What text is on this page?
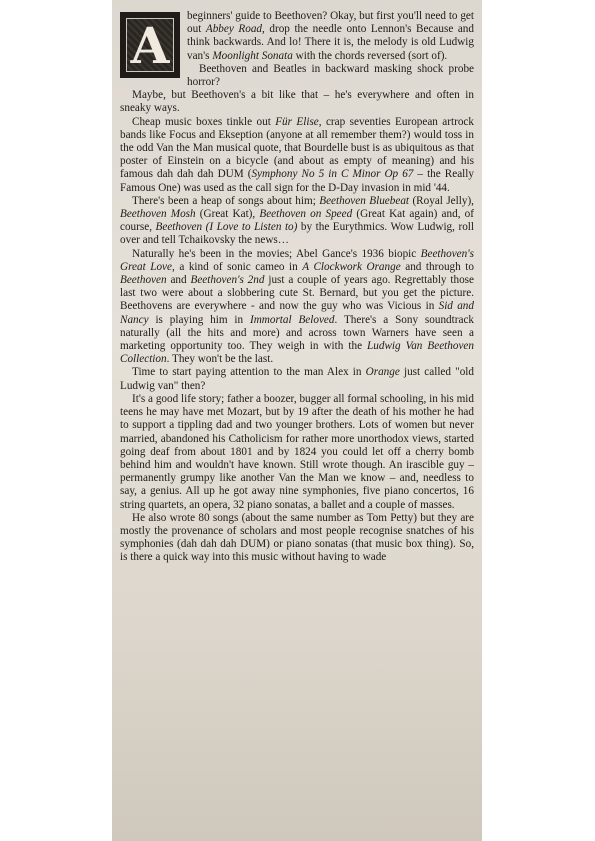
A	beginners' guide to Beethoven? Okay, but first you'll need to get out Abbey Road, drop the needle onto Lennon's Because and think backwards. And lo! There it is, the melody is old Ludwig van's Moonlight Sonata with the chords reversed (sort of).

Beethoven and Beatles in backward masking shock probe horror?

Maybe, but Beethoven's a bit like that – he's everywhere and often in sneaky ways.

Cheap music boxes tinkle out Für Elise, crap seventies European artrock bands like Focus and Ekseption (anyone at all remember them?) would toss in the odd Van the Man musical quote, that Bourdelle bust is as ubiquitous as that poster of Einstein on a bicycle (and about as empty of meaning) and his famous dah dah dah DUM (Symphony No 5 in C Minor Op 67 – the Really Famous One) was used as the call sign for the D-Day invasion in mid '44.

There's been a heap of songs about him; Beethoven Bluebeat (Royal Jelly), Beethoven Mosh (Great Kat), Beethoven on Speed (Great Kat again) and, of course, Beethoven (I Love to Listen to) by the Eurythmics. Wow Ludwig, roll over and tell Tchaikovsky the news…

Naturally he's been in the movies; Abel Gance's 1936 biopic Beethoven's Great Love, a kind of sonic cameo in A Clockwork Orange and through to Beethoven and Beethoven's 2nd just a couple of years ago. Regrettably those last two were about a slobbering cute St. Bernard, but you get the picture. Beethovens are everywhere - and now the guy who was Vicious in Sid and Nancy is playing him in Immortal Beloved. There's a Sony soundtrack naturally (all the hits and more) and across town Warners have seen a marketing opportunity too. They weigh in with the Ludwig Van Beethoven Collection. They won't be the last.

Time to start paying attention to the man Alex in Orange just called "old Ludwig van" then?

It's a good life story; father a boozer, bugger all formal schooling, in his mid teens he may have met Mozart, but by 19 after the death of his mother he had to support a tippling dad and two younger brothers. Lots of women but never married, abandoned his Catholicism for rather more unorthodox views, started going deaf from about 1801 and by 1824 you could let off a cherry bomb behind him and wouldn't have known. Still wrote though. An irascible guy – permanently grumpy like another Van the Man we know – and, needless to say, a genius. All up he got away nine symphonies, five piano concertos, 16 string quartets, an opera, 32 piano sonatas, a ballet and a couple of masses.

He also wrote 80 songs (about the same number as Tom Petty) but they are mostly the provenance of scholars and most people recognise snatches of his symphonies (dah dah dah DUM) or piano sonatas (that music box thing). So, is there a quick way into this music without having to wade
